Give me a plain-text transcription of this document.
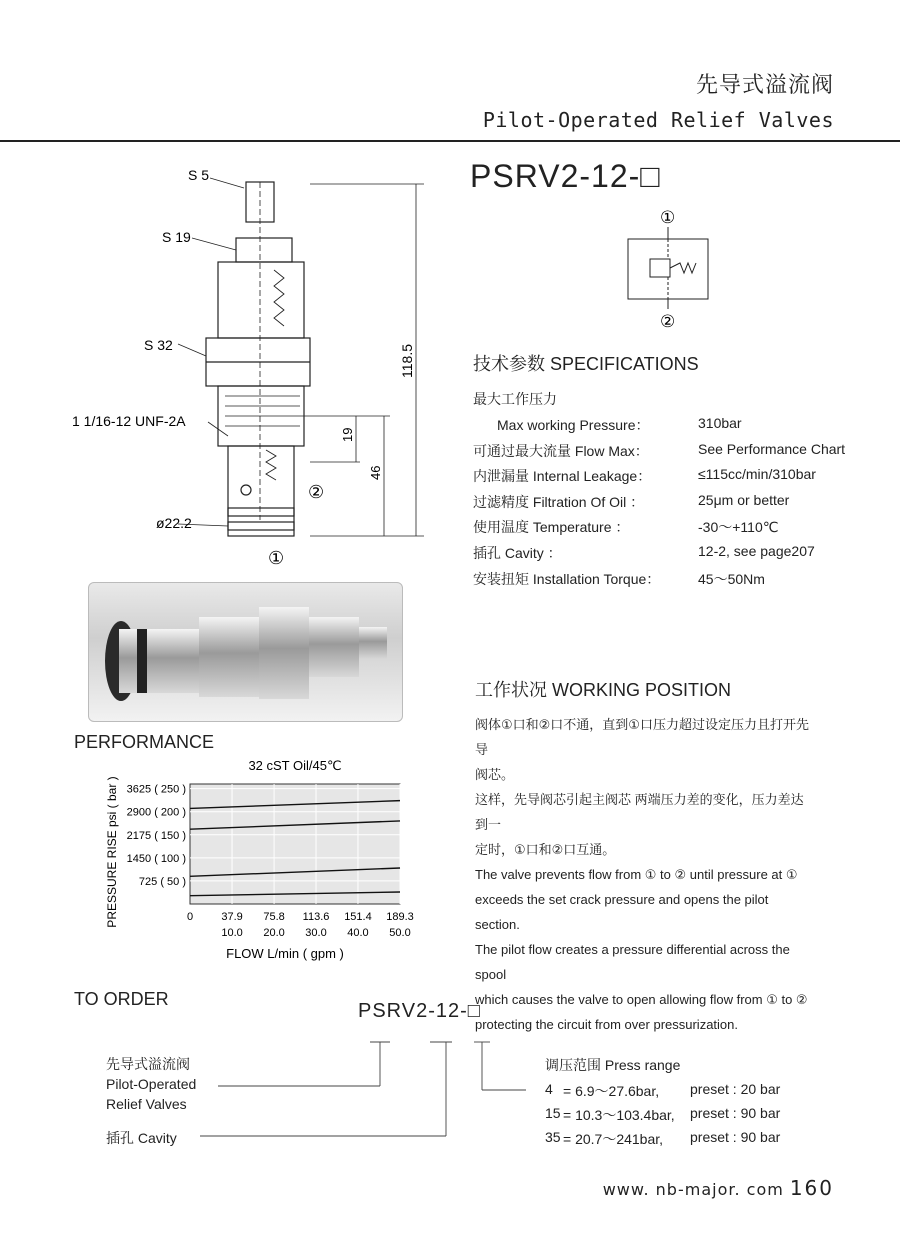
先导式溢流阀
Pilot-Operated Relief Valves
S 5
S 19
S 32
1 1/16-12 UNF-2A
ø22.2
118.5
19
46
②
①
PSRV2-12-□
①
②
技术参数 SPECIFICATIONS
最大工作压力
Max working Pressure：	310bar
可通过最大流量 Flow Max：	See Performance Chart
内泄漏量 Internal Leakage：	≤115cc/min/310bar
过滤精度 Filtration Of Oil ：	25μm or better
使用温度 Temperature ：	-30～+110℃
插孔 Cavity ：	12-2, see page207
安装扭矩 Installation Torque：	45～50Nm
工作状况 WORKING POSITION
阀体①口和②口不通，直到①口压力超过设定压力且打开先导
阀芯。
这样，先导阀芯引起主阀芯 两端压力差的变化，压力差达到一
定时，①口和②口互通。
The valve prevents flow from ① to ② until pressure at ①
exceeds the set crack pressure and opens the pilot section.
The pilot flow creates a pressure differential across the spool
which causes the valve to open allowing flow from ① to ②
protecting the circuit from over pressurization.
PERFORMANCE
32 cST Oil/45℃
725 ( 50 )
1450 ( 100 )
2175 ( 150 )
2900 ( 200 )
3625 ( 250 )
0	37.9
10.0
75.8
20.0
113.6
30.0
151.4
40.0
189.3
50.0
FLOW L/min ( gpm )
PRESSURE RISE psi ( bar )
TO ORDER
PSRV2-12-□
先导式溢流阀
Pilot-Operated
Relief Valves
插孔 Cavity
调压范围 Press range
4 = 6.9～27.6bar, preset : 20 bar
15 = 10.3～103.4bar, preset : 90 bar
35 = 20.7～241bar, preset : 90 bar
www. nb-major. com 160
